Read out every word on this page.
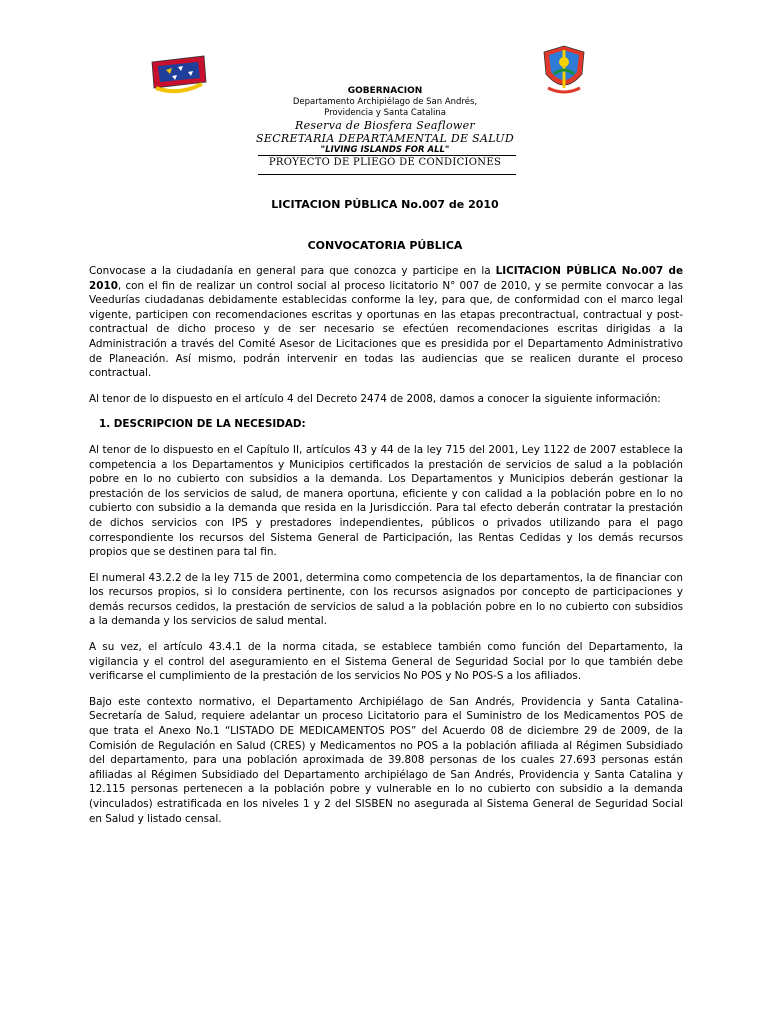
GOBERNACION
Departamento Archipiélago de San Andrés,
Providencia y Santa Catalina
Reserva de Biosfera Seaflower
SECRETARIA DEPARTAMENTAL DE SALUD
"LIVING ISLANDS FOR ALL"
PROYECTO DE PLIEGO DE CONDICIONES
LICITACION PÚBLICA No.007 de 2010
CONVOCATORIA PÚBLICA

Convocase a la ciudadanía en general para que conozca y participe en la LICITACION PÚBLICA No.007 de 2010, con el fin de realizar un control social al proceso licitatorio N° 007 de 2010, y se permite convocar a las Veedurías ciudadanas debidamente establecidas conforme la ley, para que, de conformidad con el marco legal vigente, participen con recomendaciones escritas y oportunas en las etapas precontractual, contractual y post-contractual de dicho proceso y de ser necesario se efectúen recomendaciones escritas dirigidas a la Administración a través del Comité Asesor de Licitaciones que es presidida por el Departamento Administrativo de Planeación. Así mismo, podrán intervenir en todas las audiencias que se realicen durante el proceso contractual.

Al tenor de lo dispuesto en el artículo 4 del Decreto 2474 de 2008, damos a conocer la siguiente información:

1. DESCRIPCION DE LA NECESIDAD:

Al tenor de lo dispuesto en el Capítulo II, artículos 43 y 44 de la ley 715 del 2001, Ley 1122 de 2007 establece la competencia a los Departamentos y Municipios certificados la prestación de servicios de salud a la población pobre en lo no cubierto con subsidios a la demanda. Los Departamentos y Municipios deberán gestionar la prestación de los servicios de salud, de manera oportuna, eficiente y con calidad a la población pobre en lo no cubierto con subsidio a la demanda que resida en la Jurisdicción. Para tal efecto deberán contratar la prestación de dichos servicios con IPS y prestadores independientes, públicos o privados utilizando para el pago correspondiente los recursos del Sistema General de Participación, las Rentas Cedidas y los demás recursos propios que se destinen para tal fin.

El numeral 43.2.2 de la ley 715 de 2001, determina como competencia de los departamentos, la de financiar con los recursos propios, si lo considera pertinente, con los recursos asignados por concepto de participaciones y demás recursos cedidos, la prestación de servicios de salud a la población pobre en lo no cubierto con subsidios a la demanda y los servicios de salud mental.

A su vez, el artículo 43.4.1 de la norma citada, se establece también como función del Departamento, la vigilancia y el control del aseguramiento en el Sistema General de Seguridad Social por lo que también debe verificarse el cumplimiento de la prestación de los servicios No POS y No POS-S a los afiliados.

Bajo este contexto normativo, el Departamento Archipiélago de San Andrés, Providencia y Santa Catalina- Secretaría de Salud, requiere adelantar un proceso Licitatorio para el Suministro de los Medicamentos POS de que trata el Anexo No.1 “LISTADO DE MEDICAMENTOS POS” del Acuerdo 08 de diciembre 29 de 2009, de la Comisión de Regulación en Salud (CRES) y Medicamentos no POS a la población afiliada al Régimen Subsidiado del departamento, para una población aproximada de 39.808 personas de los cuales 27.693 personas están afiliadas al Régimen Subsidiado del Departamento archipiélago de San Andrés, Providencia y Santa Catalina y 12.115 personas pertenecen a la población pobre y vulnerable en lo no cubierto con subsidio a la demanda (vinculados) estratificada en los niveles 1 y 2 del SISBEN no asegurada al Sistema General de Seguridad Social en Salud y listado censal.
